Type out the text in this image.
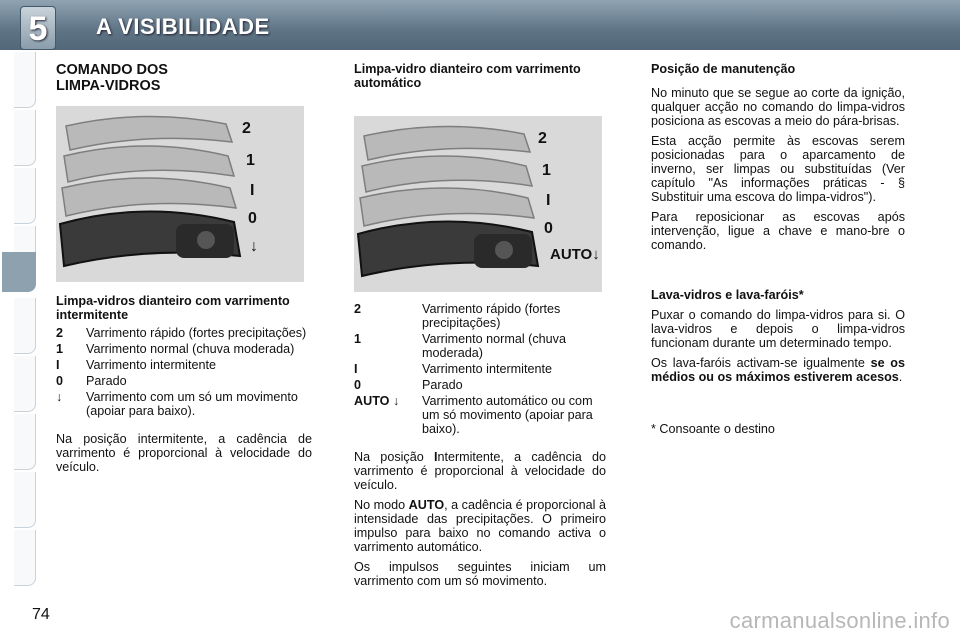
5	A VISIBILIDADE
COMANDO DOS
LIMPA-VIDROS
2
1
I
0
↓
Limpa-vidros dianteiro com varrimento intermitente
2	Varrimento rápido (fortes precipitações)
1	Varrimento normal (chuva moderada)
I	Varrimento intermitente
0	Parado
↓	Varrimento com um só um movimento (apoiar para baixo).

Na posição intermitente, a cadência de varrimento é proporcional à velocidade do veículo.

Limpa-vidro dianteiro com varrimento automático
2
1
I
0
AUTO↓
2	Varrimento rápido (fortes precipitações)
1	Varrimento normal (chuva moderada)
I	Varrimento intermitente
0	Parado
AUTO ↓	Varrimento automático ou com um só movimento (apoiar para baixo).

Na posição Intermitente, a cadência do varrimento é proporcional à velocidade do veículo.

No modo AUTO, a cadência é proporcional à intensidade das precipitações. O primeiro impulso para baixo no comando activa o varrimento automático.

Os impulsos seguintes iniciam um varrimento com um só movimento.

Posição de manutenção

No minuto que se segue ao corte da ignição, qualquer acção no comando do limpa-vidros posiciona as escovas a meio do pára-brisas.

Esta acção permite às escovas serem posicionadas para o aparcamento de inverno, ser limpas ou substituídas (Ver capítulo "As informações práticas - § Substituir uma escova do limpa-vidros").

Para reposicionar as escovas após intervenção, ligue a chave e mano-bre o comando.

Lava-vidros e lava-faróis*

Puxar o comando do limpa-vidros para si. O lava-vidros e depois o limpa-vidros funcionam durante um determinado tempo.

Os lava-faróis activam-se igualmente se os médios ou os máximos estiverem acesos.

* Consoante o destino

74	carmanualsonline.info
